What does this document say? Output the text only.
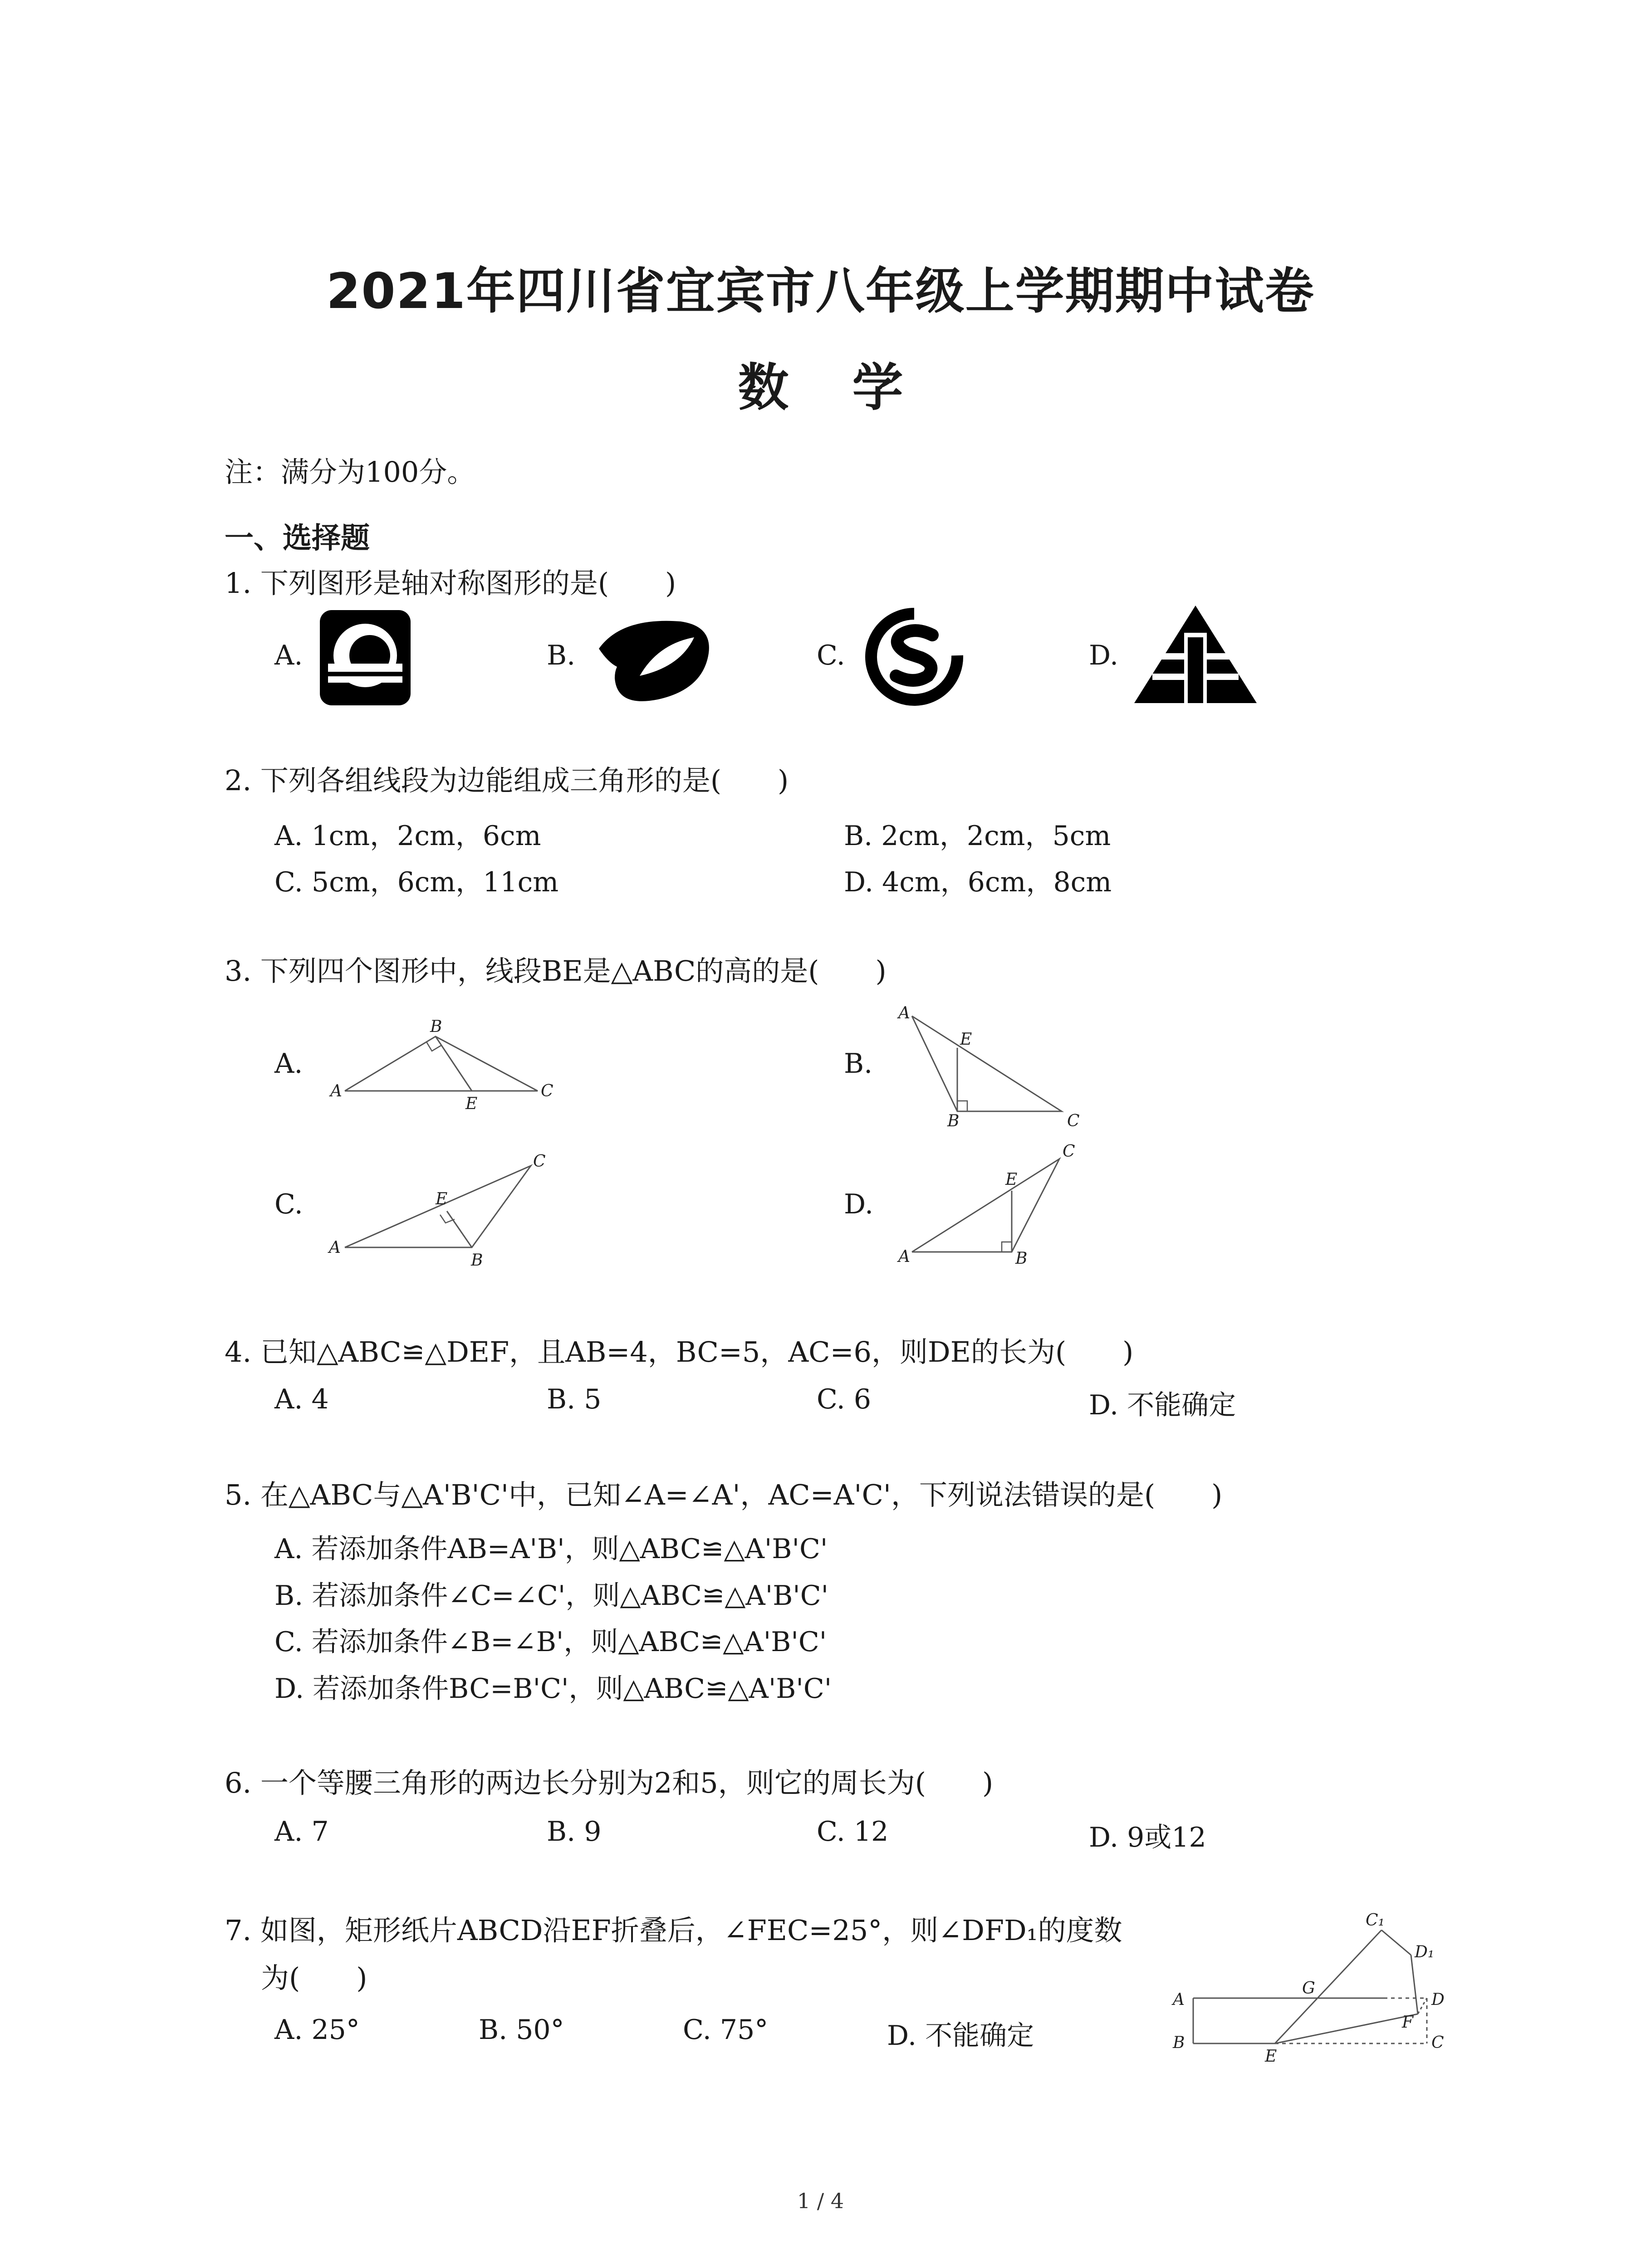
2021年四川省宜宾市八年级上学期期中试卷
数 学
注：满分为100分。
一、选择题
1. 下列图形是轴对称图形的是(　　)
A.	B.	C.	D.
2. 下列各组线段为边能组成三角形的是(　　)
A. 1cm，2cm，6cm	B. 2cm，2cm，5cm
C. 5cm，6cm，11cm	D. 4cm，6cm，8cm
3. 下列四个图形中，线段BE是△ABC的高的是(　　)
A.	B.
C.	D.
A
B
C
E
A
B	C
E
A
B
C
E
A	B
C
E
4. 已知△ABC≌△DEF，且AB=4，BC=5，AC=6，则DE的长为(　　)
A. 4	B. 5	C. 6	D. 不能确定
5. 在△ABC与△A'B'C'中，已知∠A=∠A'，AC=A'C'，下列说法错误的是(　　)
A. 若添加条件AB=A'B'，则△ABC≌△A'B'C'
B. 若添加条件∠C=∠C'，则△ABC≌△A'B'C'
C. 若添加条件∠B=∠B'，则△ABC≌△A'B'C'
D. 若添加条件BC=B'C'，则△ABC≌△A'B'C'
6. 一个等腰三角形的两边长分别为2和5，则它的周长为(　　)
A. 7	B. 9	C. 12	D. 9或12
7. 如图，矩形纸片ABCD沿EF折叠后，∠FEC=25°，则∠DFD₁的度数
为(　　)
A. 25°	B. 50°	C. 75°	D. 不能确定
A
B	C
D
E
F
G
C₁
D₁
1 / 4
